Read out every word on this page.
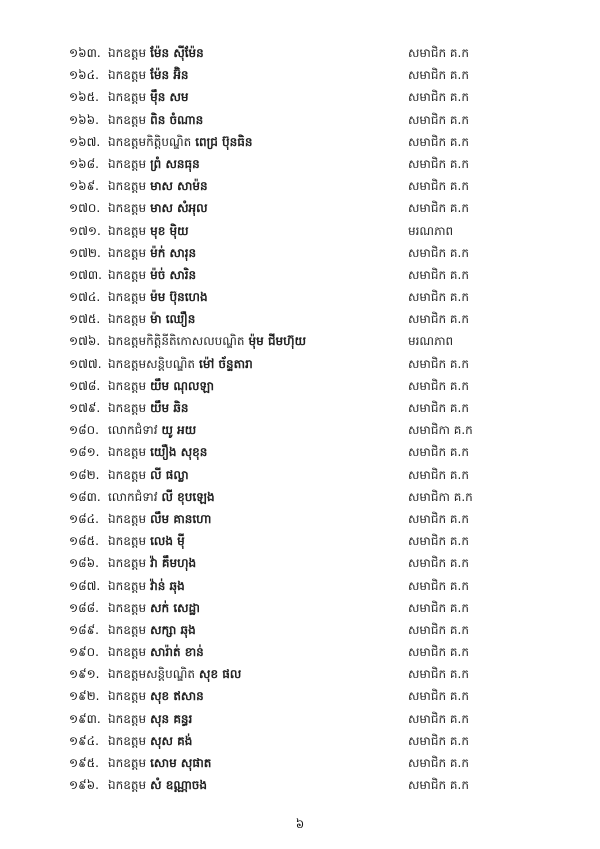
១៦៣. ឯកឧត្តម ម៉ែន ស៊ីម៉ែន	សមាជិក គ.ក
១៦៤. ឯកឧត្តម ម៉ែន អ៊ិន	សមាជិក គ.ក
១៦៥. ឯកឧត្តម ម៉ឹន សម	សមាជិក គ.ក
១៦៦. ឯកឧត្តម ពិន ចំណាន	សមាជិក គ.ក
១៦៧. ឯកឧត្តមកិត្តិបណ្ឌិត ពេជ្រ ប៊ុនធិន	សមាជិក គ.ក
១៦៨. ឯកឧត្តម ព្រំ សនធុន	សមាជិក គ.ក
១៦៩. ឯកឧត្តម មាស សាម៉ន	សមាជិក គ.ក
១៧០. ឯកឧត្តម មាស សំអុល	សមាជិក គ.ក
១៧១. ឯកឧត្តម មុខ ម៉ិយ	មរណភាព
១៧២. ឯកឧត្តម ម៉ក់ សារុន	សមាជិក គ.ក
១៧៣. ឯកឧត្តម ម៉ច់ សារិន	សមាជិក គ.ក
១៧៤. ឯកឧត្តម ម៉ម ប៊ុនហេង	សមាជិក គ.ក
១៧៥. ឯកឧត្តម ម៉ា ឈឿន	សមាជិក គ.ក
១៧៦. ឯកឧត្តមកិត្តិនីតិកោសលបណ្ឌិត ម៉ុម ជីមហ៊ុយ	មរណភាព
១៧៧. ឯកឧត្តមសន្តិបណ្ឌិត ម៉ៅ ច័ន្ទតារា	សមាជិក គ.ក
១៧៨. ឯកឧត្តម យឹម ណុលឡា	សមាជិក គ.ក
១៧៩. ឯកឧត្តម យឹម ឆិន	សមាជិក គ.ក
១៨០. លោកជំទាវ យូ អយ	សមាជិកា គ.ក
១៨១. ឯកឧត្តម យឿង សុខុន	សមាជិក គ.ក
១៨២. ឯកឧត្តម លី ផល្លា	សមាជិក គ.ក
១៨៣. លោកជំទាវ លី ខុបឡេង	សមាជិកា គ.ក
១៨៤. ឯកឧត្តម លឹម គានហោ	សមាជិក គ.ក
១៨៥. ឯកឧត្តម លេង ម៉ី	សមាជិក គ.ក
១៨៦. ឯកឧត្តម វ៉ា គឹមហុង	សមាជិក គ.ក
១៨៧. ឯកឧត្តម វ៉ាន់ ឆុង	សមាជិក គ.ក
១៨៨. ឯកឧត្តម សក់ សេដ្ឋា	សមាជិក គ.ក
១៨៩. ឯកឧត្តម សក្សា ឆុង	សមាជិក គ.ក
១៩០. ឯកឧត្តម សារ៉ាត់ ខាន់	សមាជិក គ.ក
១៩១. ឯកឧត្តមសន្តិបណ្ឌិត សុខ ផល	សមាជិក គ.ក
១៩២. ឯកឧត្តម សុខ ឥសាន	សមាជិក គ.ក
១៩៣. ឯកឧត្តម សុន គន្ធរ	សមាជិក គ.ក
១៩៤. ឯកឧត្តម សុស គង់	សមាជិក គ.ក
១៩៥. ឯកឧត្តម សោម សុផាត	សមាជិក គ.ក
១៩៦. ឯកឧត្តម សំ ឧណ្ណាចង	សមាជិក គ.ក
៦
